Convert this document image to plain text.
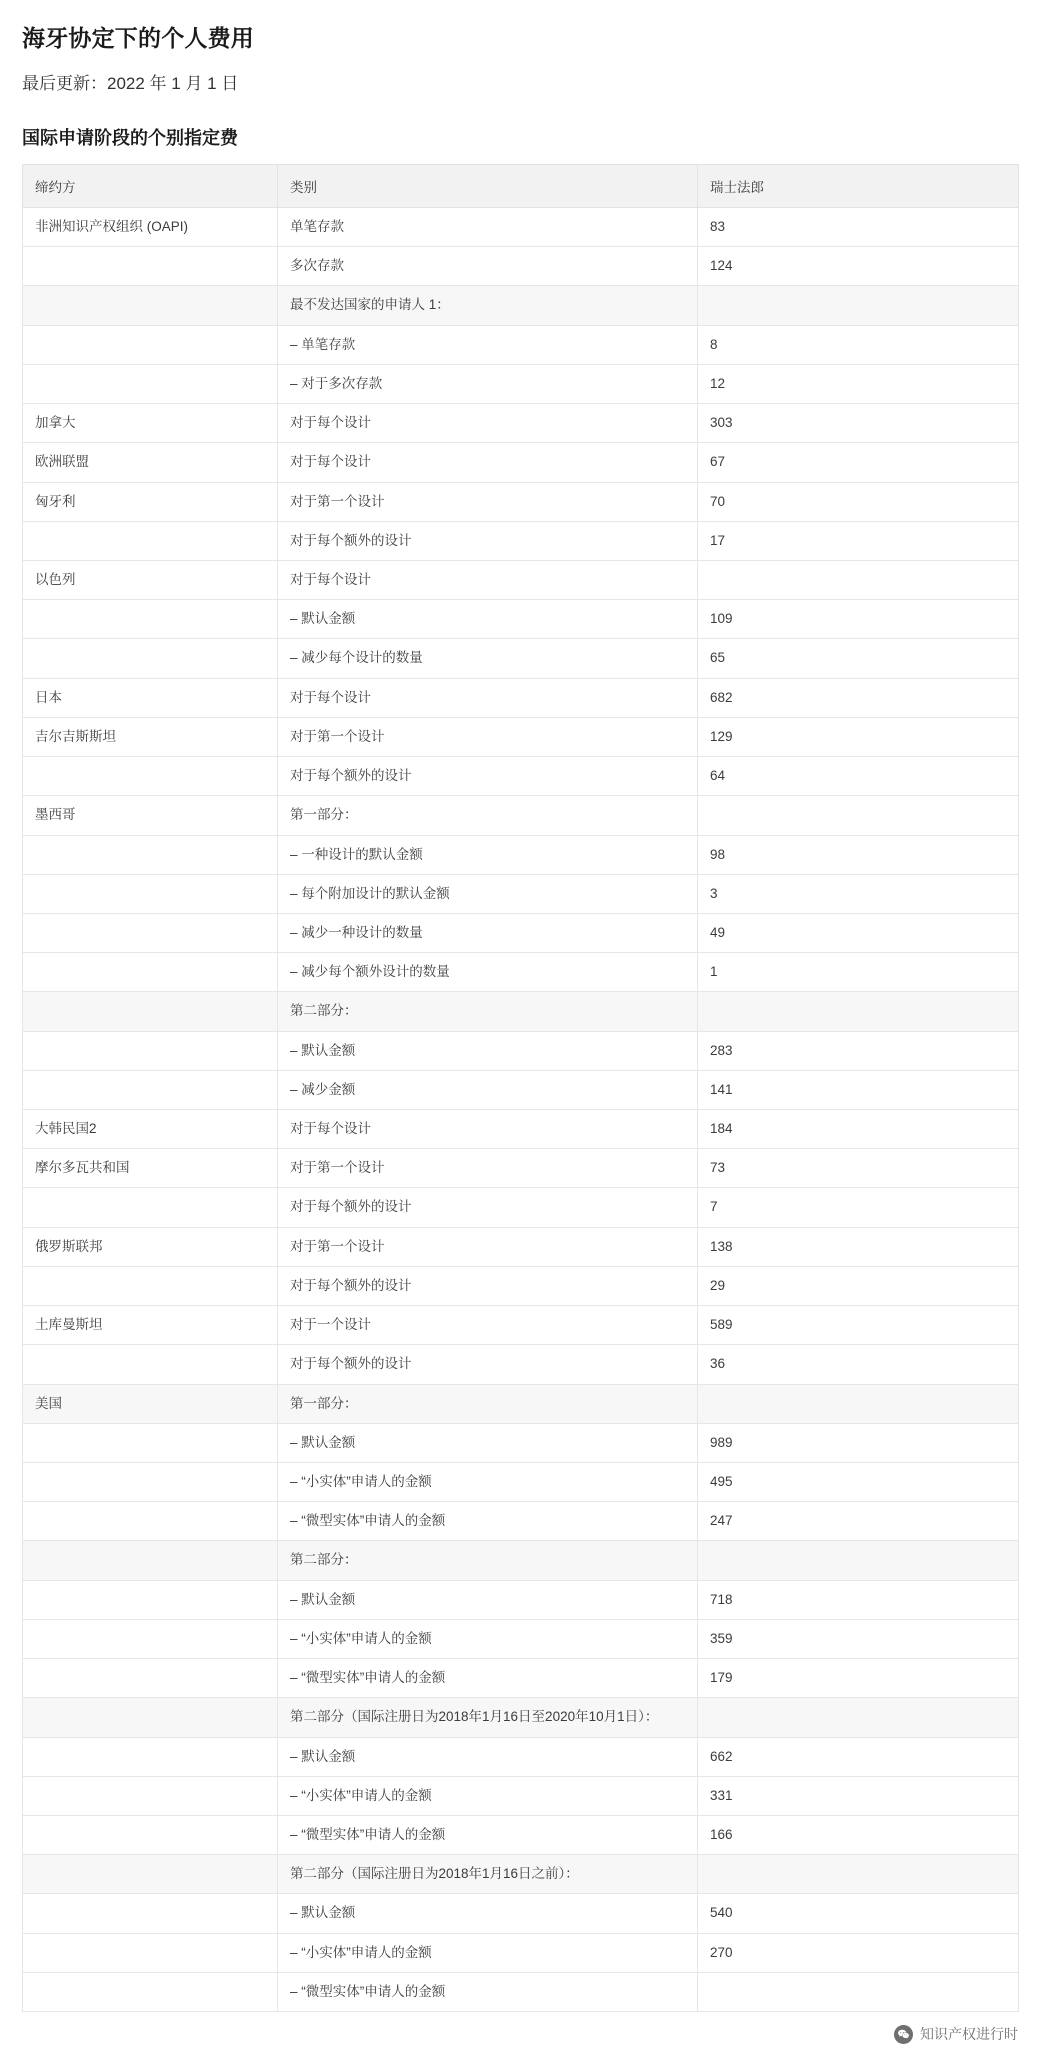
海牙协定下的个人费用
最后更新：2022 年 1 月 1 日
国际申请阶段的个别指定费
缔约方	类别	瑞士法郎
非洲知识产权组织 (OAPI)	单笔存款	83
	多次存款	124
	最不发达国家的申请人 1：	
	– 单笔存款	8
	– 对于多次存款	12
加拿大	对于每个设计	303
欧洲联盟	对于每个设计	67
匈牙利	对于第一个设计	70
	对于每个额外的设计	17
以色列	对于每个设计	
	– 默认金额	109
	– 减少每个设计的数量	65
日本	对于每个设计	682
吉尔吉斯斯坦	对于第一个设计	129
	对于每个额外的设计	64
墨西哥	第一部分：	
	– 一种设计的默认金额	98
	– 每个附加设计的默认金额	3
	– 减少一种设计的数量	49
	– 减少每个额外设计的数量	1
	第二部分：	
	– 默认金额	283
	– 减少金额	141
大韩民国2	对于每个设计	184
摩尔多瓦共和国	对于第一个设计	73
	对于每个额外的设计	7
俄罗斯联邦	对于第一个设计	138
	对于每个额外的设计	29
土库曼斯坦	对于一个设计	589
	对于每个额外的设计	36
美国	第一部分：	
	– 默认金额	989
	– “小实体”申请人的金额	495
	– “微型实体”申请人的金额	247
	第二部分：	
	– 默认金额	718
	– “小实体”申请人的金额	359
	– “微型实体”申请人的金额	179
	第二部分（国际注册日为2018年1月16日至2020年10月1日）：	
	– 默认金额	662
	– “小实体”申请人的金额	331
	– “微型实体”申请人的金额	166
	第二部分（国际注册日为2018年1月16日之前）：	
	– 默认金额	540
	– “小实体”申请人的金额	270
	– “微型实体”申请人的金额	
知识产权进行时
